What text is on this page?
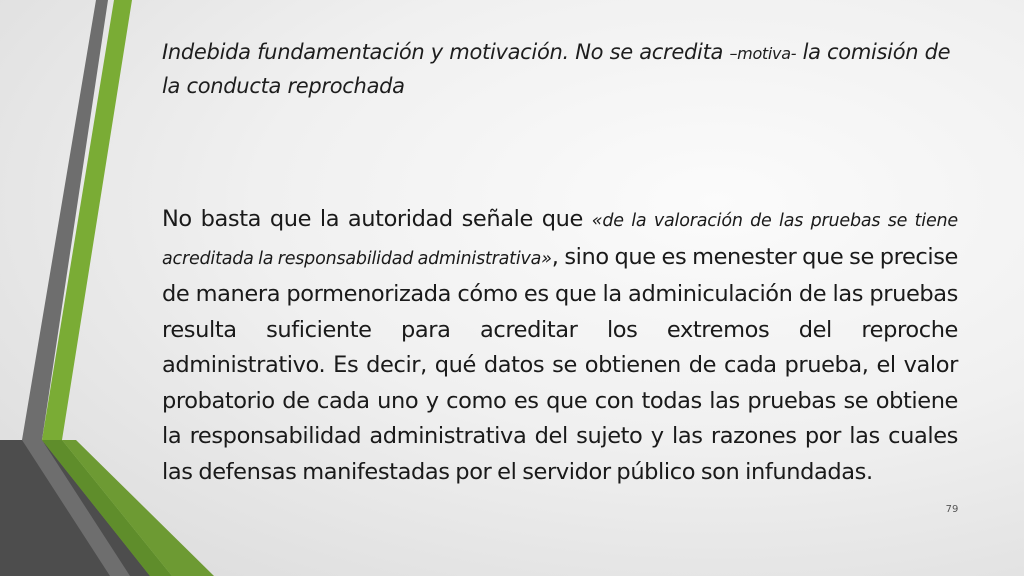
Indebida fundamentación y motivación. No se acredita –motiva- la comisión de la conducta reprochada
No basta que la autoridad señale que «de la valoración de las pruebas se tiene acreditada la responsabilidad administrativa», sino que es menester que se precise de manera pormenorizada cómo es que la adminiculación de las pruebas resulta suficiente para acreditar los extremos del reproche administrativo. Es decir, qué datos se obtienen de cada prueba, el valor probatorio de cada uno y como es que con todas las pruebas se obtiene la responsabilidad administrativa del sujeto y las razones por las cuales las defensas manifestadas por el servidor público son infundadas.
79
